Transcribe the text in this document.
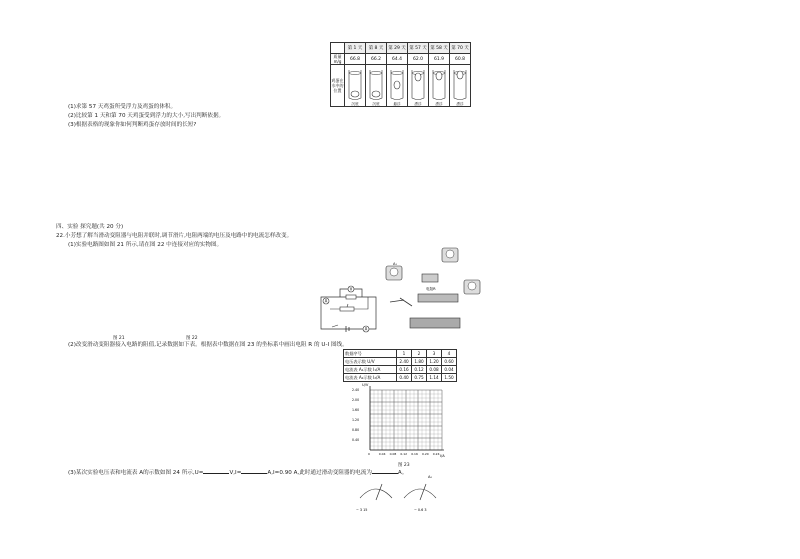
	第 1 天	第 8 天	第 29 天	第 57 天	第 58 天	第 70 天
质量 m/g	66.8	66.2	64.4	62.0	61.9	60.8
鸡蛋在水中的位置	沉底	沉底	悬浮	漂浮	漂浮	漂浮
(1)求第 57 天鸡蛋所受浮力及鸡蛋的体积。
(2)比较第 1 天和第 70 天鸡蛋受到浮力的大小,写出判断依据。
(3)根据表格的现象你如何判断鸡蛋存放时间的长短?
四、实验 探究题(共 20 分)
22.小芳想了解当滑动变阻器与电阻并联时,调节滑片,电阻两端的电压及电路中的电流怎样改变。
(1)实验电路图如图 21 所示,请在图 22 中连接对应的实物图。
V
A
A
A₁
电阻R
图 21	图 22
(2)改变滑动变阻器接入电路的阻值,记录数据如下表。根据表中数据在图 23 的坐标系中画出电阻 R 的 U-I 图线。
数据序号	1	2	3	4
电压表示数 U/V	2.40	1.80	1.20	0.60
电流表 A₁示数 I₁/A	0.16	0.12	0.08	0.04
电流表 A₂示数 I₂/A	0.40	0.75	1.14	1.50
U/V
I/A
2.40
2.00
1.60
1.20
0.80
0.40
0	0.04 0.08 0.12 0.16 0.20 0.24
图 23
(3)某次实验电压表和电流表 A的示数如图 24 所示,U=	V,I=	A,I=0.90 A,此时通过滑动变阻器的电流为	A。
A₂
− 3 15	− 0.6 3
